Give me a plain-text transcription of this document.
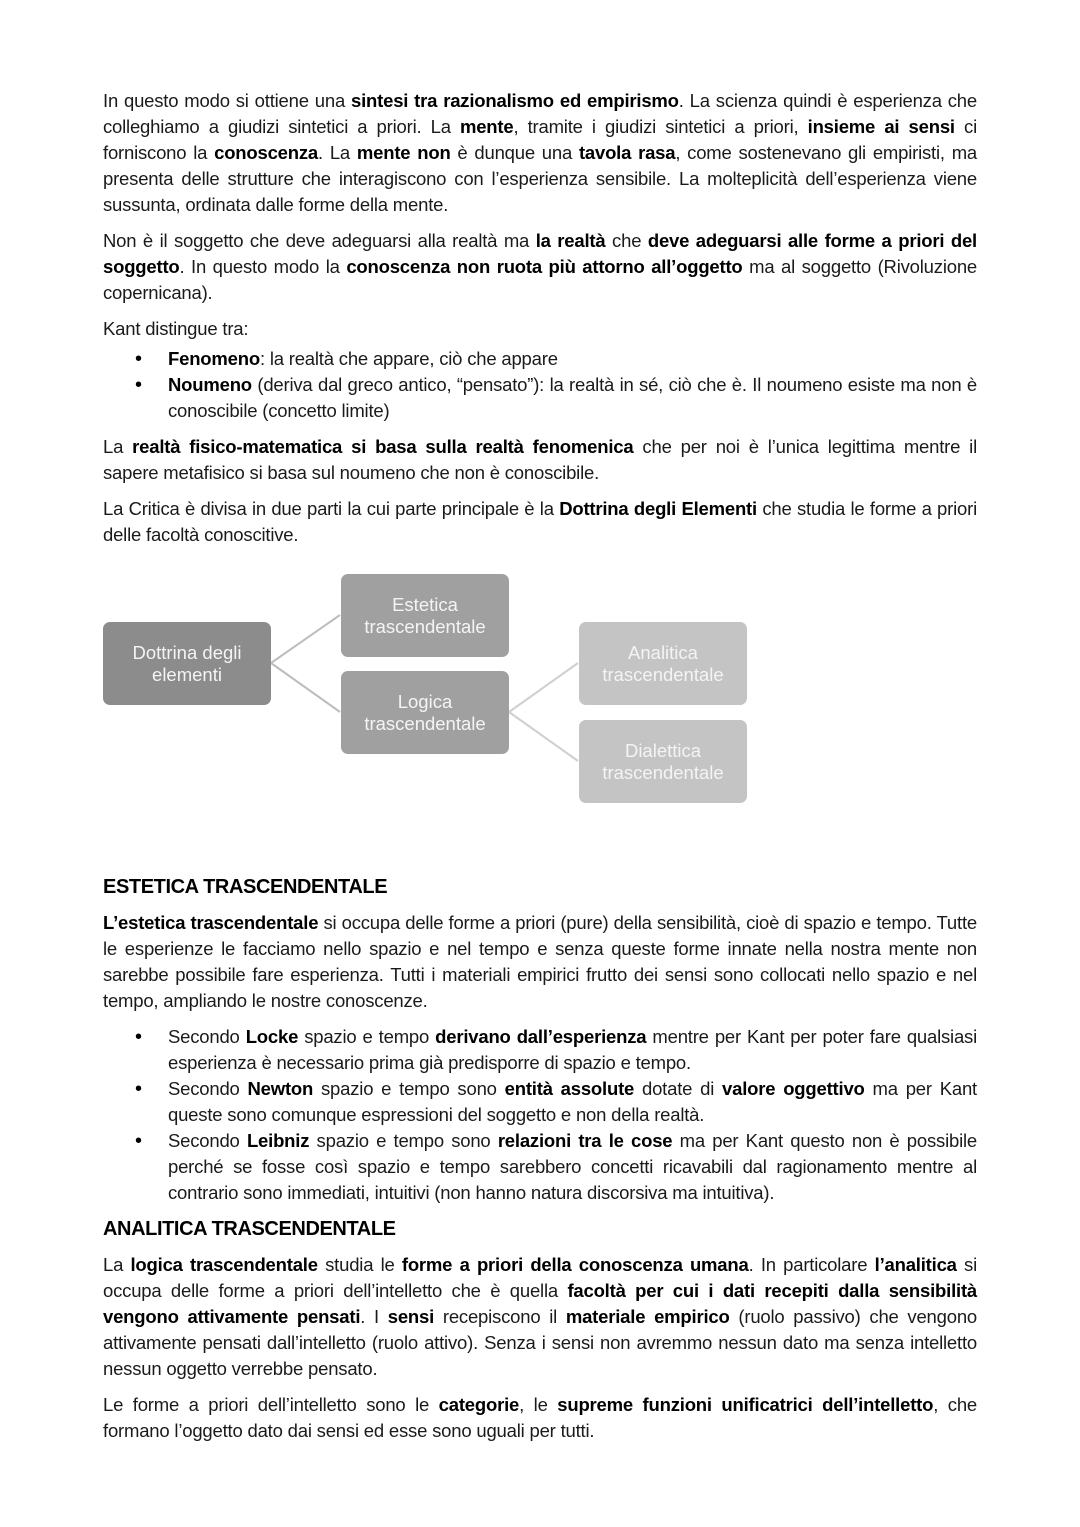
In questo modo si ottiene una sintesi tra razionalismo ed empirismo. La scienza quindi è esperienza che colleghiamo a giudizi sintetici a priori. La mente, tramite i giudizi sintetici a priori, insieme ai sensi ci forniscono la conoscenza. La mente non è dunque una tavola rasa, come sostenevano gli empiristi, ma presenta delle strutture che interagiscono con l’esperienza sensibile. La molteplicità dell’esperienza viene sussunta, ordinata dalle forme della mente.

Non è il soggetto che deve adeguarsi alla realtà ma la realtà che deve adeguarsi alle forme a priori del soggetto. In questo modo la conoscenza non ruota più attorno all’oggetto ma al soggetto (Rivoluzione copernicana).

Kant distingue tra:

• Fenomeno: la realtà che appare, ciò che appare
• Noumeno (deriva dal greco antico, “pensato”): la realtà in sé, ciò che è. Il noumeno esiste ma non è conoscibile (concetto limite)

La realtà fisico-matematica si basa sulla realtà fenomenica che per noi è l’unica legittima mentre il sapere metafisico si basa sul noumeno che non è conoscibile.

La Critica è divisa in due parti la cui parte principale è la Dottrina degli Elementi che studia le forme a priori delle facoltà conoscitive.

Dottrina degli elementi
Estetica trascendentale
Logica trascendentale
Analitica trascendentale
Dialettica trascendentale
ESTETICA TRASCENDENTALE

L’estetica trascendentale si occupa delle forme a priori (pure) della sensibilità, cioè di spazio e tempo. Tutte le esperienze le facciamo nello spazio e nel tempo e senza queste forme innate nella nostra mente non sarebbe possibile fare esperienza. Tutti i materiali empirici frutto dei sensi sono collocati nello spazio e nel tempo, ampliando le nostre conoscenze.

• Secondo Locke spazio e tempo derivano dall’esperienza mentre per Kant per poter fare qualsiasi esperienza è necessario prima già predisporre di spazio e tempo.
• Secondo Newton spazio e tempo sono entità assolute dotate di valore oggettivo ma per Kant queste sono comunque espressioni del soggetto e non della realtà.
• Secondo Leibniz spazio e tempo sono relazioni tra le cose ma per Kant questo non è possibile perché se fosse così spazio e tempo sarebbero concetti ricavabili dal ragionamento mentre al contrario sono immediati, intuitivi (non hanno natura discorsiva ma intuitiva).
ANALITICA TRASCENDENTALE

La logica trascendentale studia le forme a priori della conoscenza umana. In particolare l’analitica si occupa delle forme a priori dell’intelletto che è quella facoltà per cui i dati recepiti dalla sensibilità vengono attivamente pensati. I sensi recepiscono il materiale empirico (ruolo passivo) che vengono attivamente pensati dall’intelletto (ruolo attivo). Senza i sensi non avremmo nessun dato ma senza intelletto nessun oggetto verrebbe pensato.

Le forme a priori dell’intelletto sono le categorie, le supreme funzioni unificatrici dell’intelletto, che formano l’oggetto dato dai sensi ed esse sono uguali per tutti.
